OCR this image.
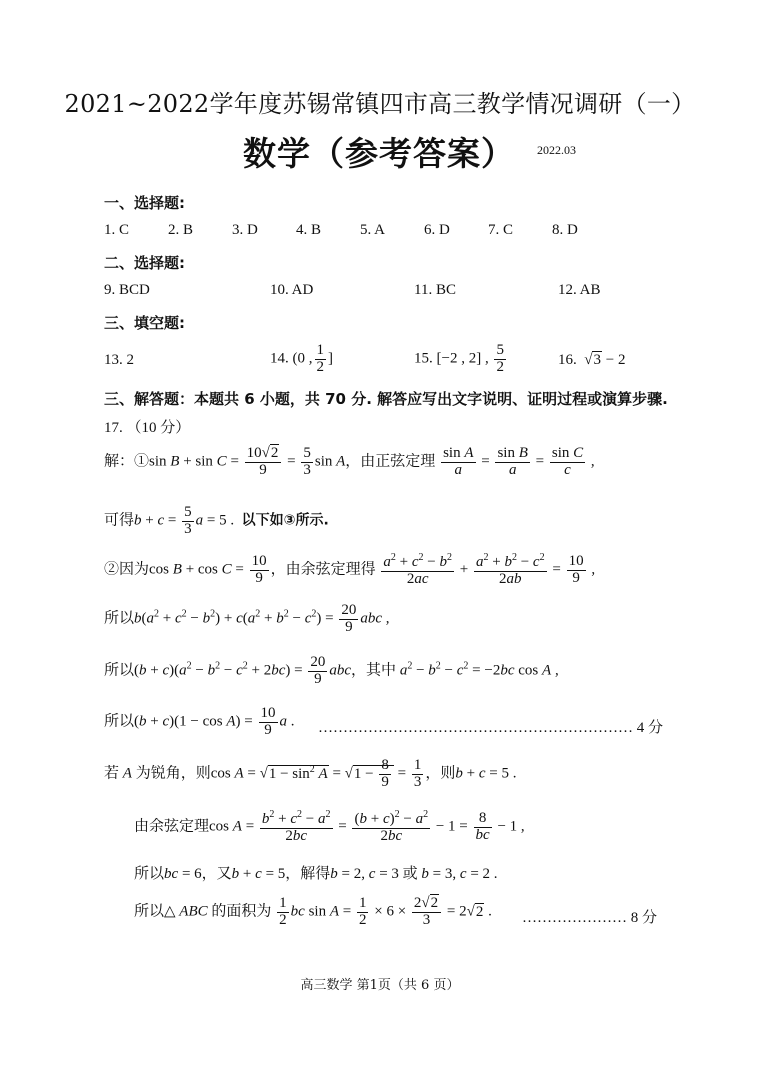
2021~2022学年度苏锡常镇四市高三教学情况调研（一）
数学（参考答案） 2022.03
一、选择题:
1. C	2. B	3. D	4. B	5. A	6. D	7. C	8. D
二、选择题:
9. BCD	10. AD	11. BC	12. AB
三、填空题:
13. 2	14. (0 , $\frac{1}{2}$ ]	15. [−2 , 2] , $\frac{5}{2}$	16.  √3 − 2
三、解答题：本题共 6 小题，共 70 分. 解答应写出文字说明、证明过程或演算步骤.
17. （10 分）
解：①sin $B + \sin C = \frac{10√2}{9} = \frac{5}{3}$ sin A，由正弦定理 $\frac{\text{sin A}}{a} = \frac{\text{sin B}}{a} = \frac{\text{sin C}}{c}$ ,
可得$b + c = \frac{5}{3}$ a = 5 .  以下如③所示.
②因为$\cos B + \cos C = \frac{10}{9}$ ，由余弦定理得 $\frac{a^2 + c^2 - b^2}{2ac} + \frac{a^2 + b^2 - c^2}{2ab} = \frac{10}{9}$ ,
所以$b(a^2 + c^2 - b^2) + c(a^2 + b^2 - c^2) = \frac{20}{9}$ abc ,
所以$(b + c)(a^2 - b^2 - c^2 + 2bc) = \frac{20}{9}$ abc，其中 $a^2 - b^2 - c^2 = -2bc$ cos A ,
所以$(b + c)(1 - \cos A) = \frac{10}{9}$ a . ……………………………………………………… 4 分
若 A 为锐角，则$\cos A = √1 - \sin^2 A = √1 - \frac{8}{9} = \frac{1}{3}$ ，则b + c = 5 .
由余弦定理$\cos A = \frac{b^2 + c^2 - a^2}{2bc} = \frac{(b + c)^2 - a^2}{2bc} - 1 = \frac{8}{bc} - 1$ ,
所以bc = 6，又b + c = 5，解得b = 2, c = 3 或 b = 3, c = 2 .
所以△ ABC 的面积为 $\frac{1}{2}$ bc $\sin A = \frac{1}{2} \times 6 \times \frac{2√2}{3} = 2√2$ . ………………… 8 分
高三数学 第1页（共 6 页）
